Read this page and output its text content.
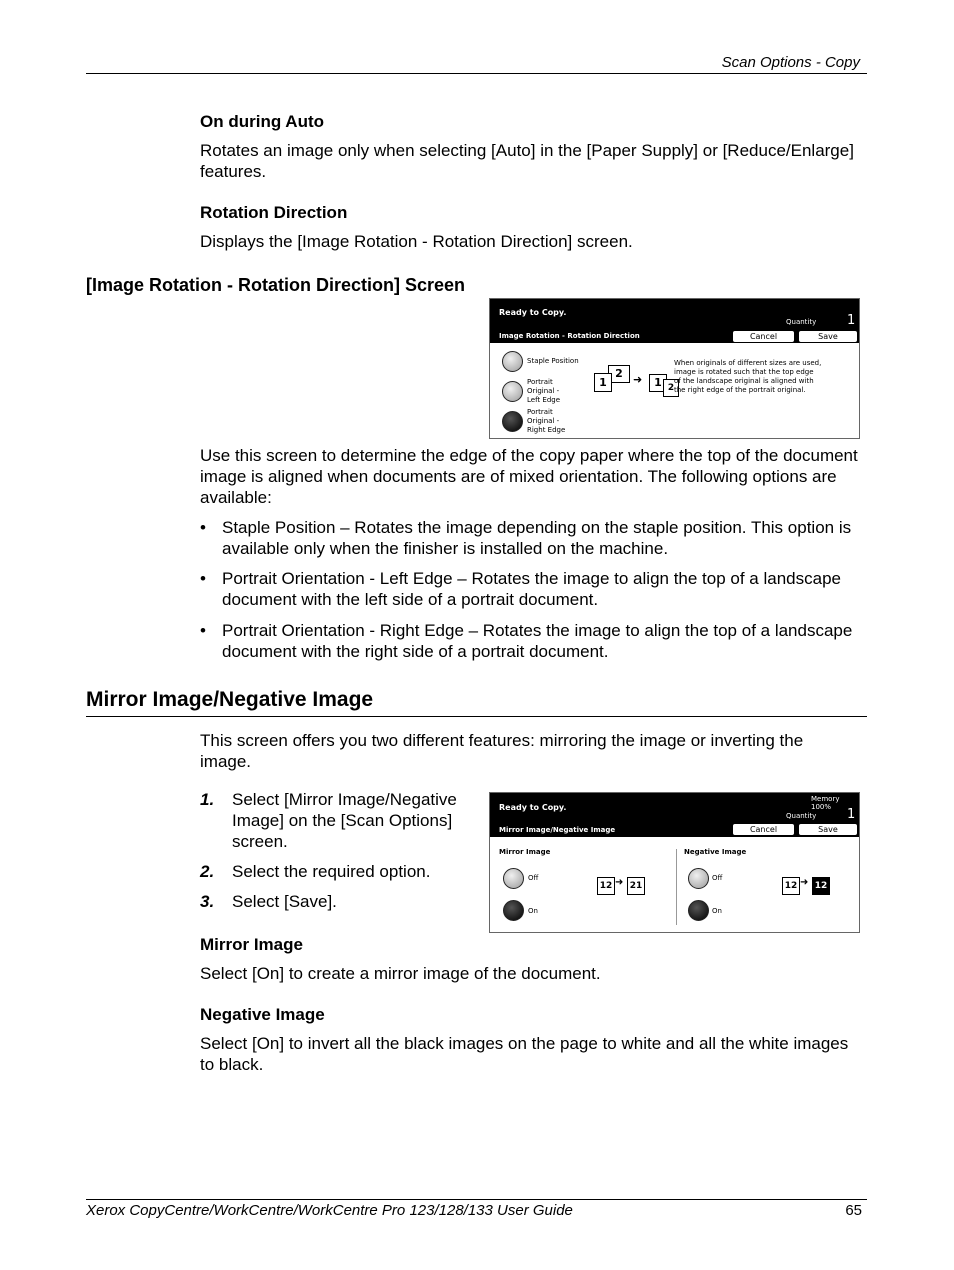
Scan Options - Copy
On during Auto
Rotates an image only when selecting [Auto] in the [Paper Supply] or [Reduce/Enlarge]
features.
Rotation Direction
Displays the [Image Rotation - Rotation Direction] screen.
[Image Rotation - Rotation Direction] Screen
Ready to Copy.
Quantity 1
Image Rotation - Rotation Direction	Cancel	Save
Staple Position
Portrait
Original -
Left Edge
Portrait
Original -
Right Edge
2
1	➜	1 2
When originals of different sizes are used,
image is rotated such that the top edge
of the landscape original is aligned with
the right edge of the portrait original.
Use this screen to determine the edge of the copy paper where the top of the document
image is aligned when documents are of mixed orientation. The following options are
available:
• Staple Position – Rotates the image depending on the staple position. This option is
available only when the finisher is installed on the machine.
• Portrait Orientation - Left Edge – Rotates the image to align the top of a landscape
document with the left side of a portrait document.
• Portrait Orientation - Right Edge – Rotates the image to align the top of a landscape
document with the right side of a portrait document.
Mirror Image/Negative Image
This screen offers you two different features: mirroring the image or inverting the
image.
1. Select [Mirror Image/Negative
Image] on the [Scan Options]
screen.
2. Select the required option.
3. Select [Save].
Ready to Copy.
Memory 100%
Quantity 1
Mirror Image/Negative Image	Cancel	Save
Mirror Image
Off
On
12 ➜ 21
Negative Image
Off
On
12 ➜ 12
Mirror Image
Select [On] to create a mirror image of the document.
Negative Image
Select [On] to invert all the black images on the page to white and all the white images
to black.
Xerox CopyCentre/WorkCentre/WorkCentre Pro 123/128/133 User Guide	65
